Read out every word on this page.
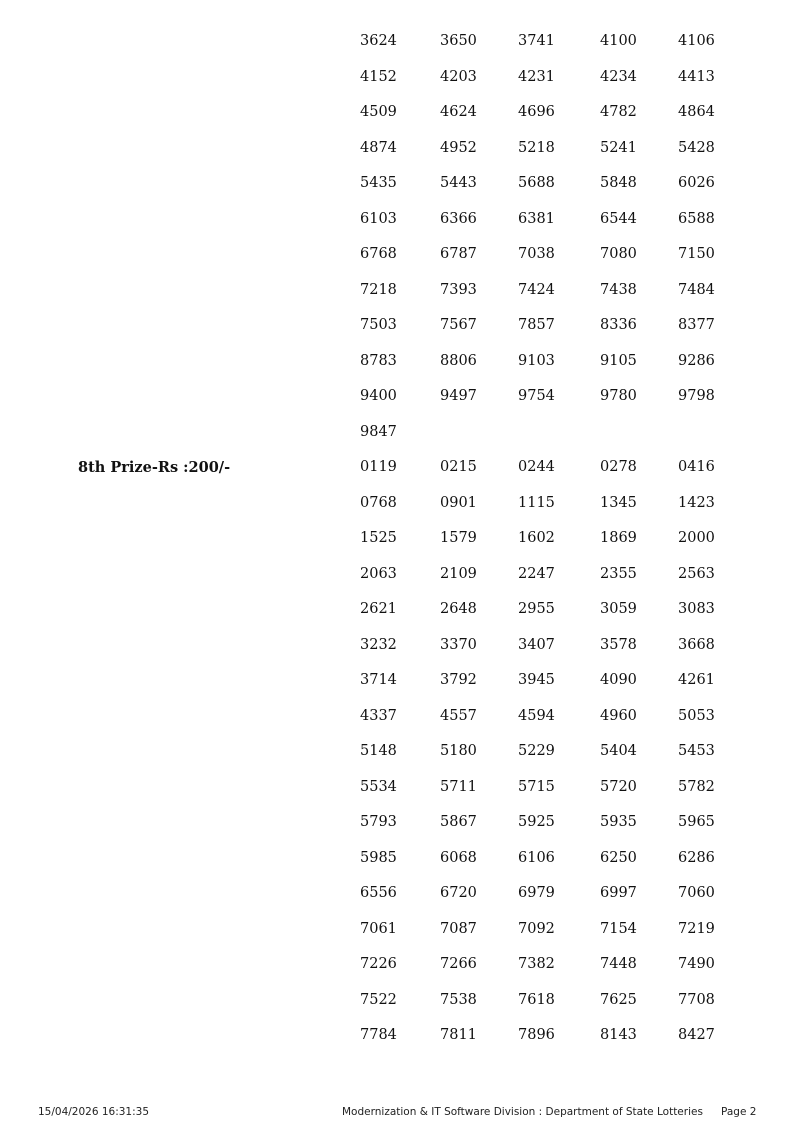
3624	3650	3741	4100	4106
4152	4203	4231	4234	4413
4509	4624	4696	4782	4864
4874	4952	5218	5241	5428
5435	5443	5688	5848	6026
6103	6366	6381	6544	6588
6768	6787	7038	7080	7150
7218	7393	7424	7438	7484
7503	7567	7857	8336	8377
8783	8806	9103	9105	9286
9400	9497	9754	9780	9798
9847
8th Prize-Rs :200/-	0119	0215	0244	0278	0416
0768	0901	1115	1345	1423
1525	1579	1602	1869	2000
2063	2109	2247	2355	2563
2621	2648	2955	3059	3083
3232	3370	3407	3578	3668
3714	3792	3945	4090	4261
4337	4557	4594	4960	5053
5148	5180	5229	5404	5453
5534	5711	5715	5720	5782
5793	5867	5925	5935	5965
5985	6068	6106	6250	6286
6556	6720	6979	6997	7060
7061	7087	7092	7154	7219
7226	7266	7382	7448	7490
7522	7538	7618	7625	7708
7784	7811	7896	8143	8427
15/04/2026 16:31:35	Modernization & IT Software Division : Department of State Lotteries Page 2
